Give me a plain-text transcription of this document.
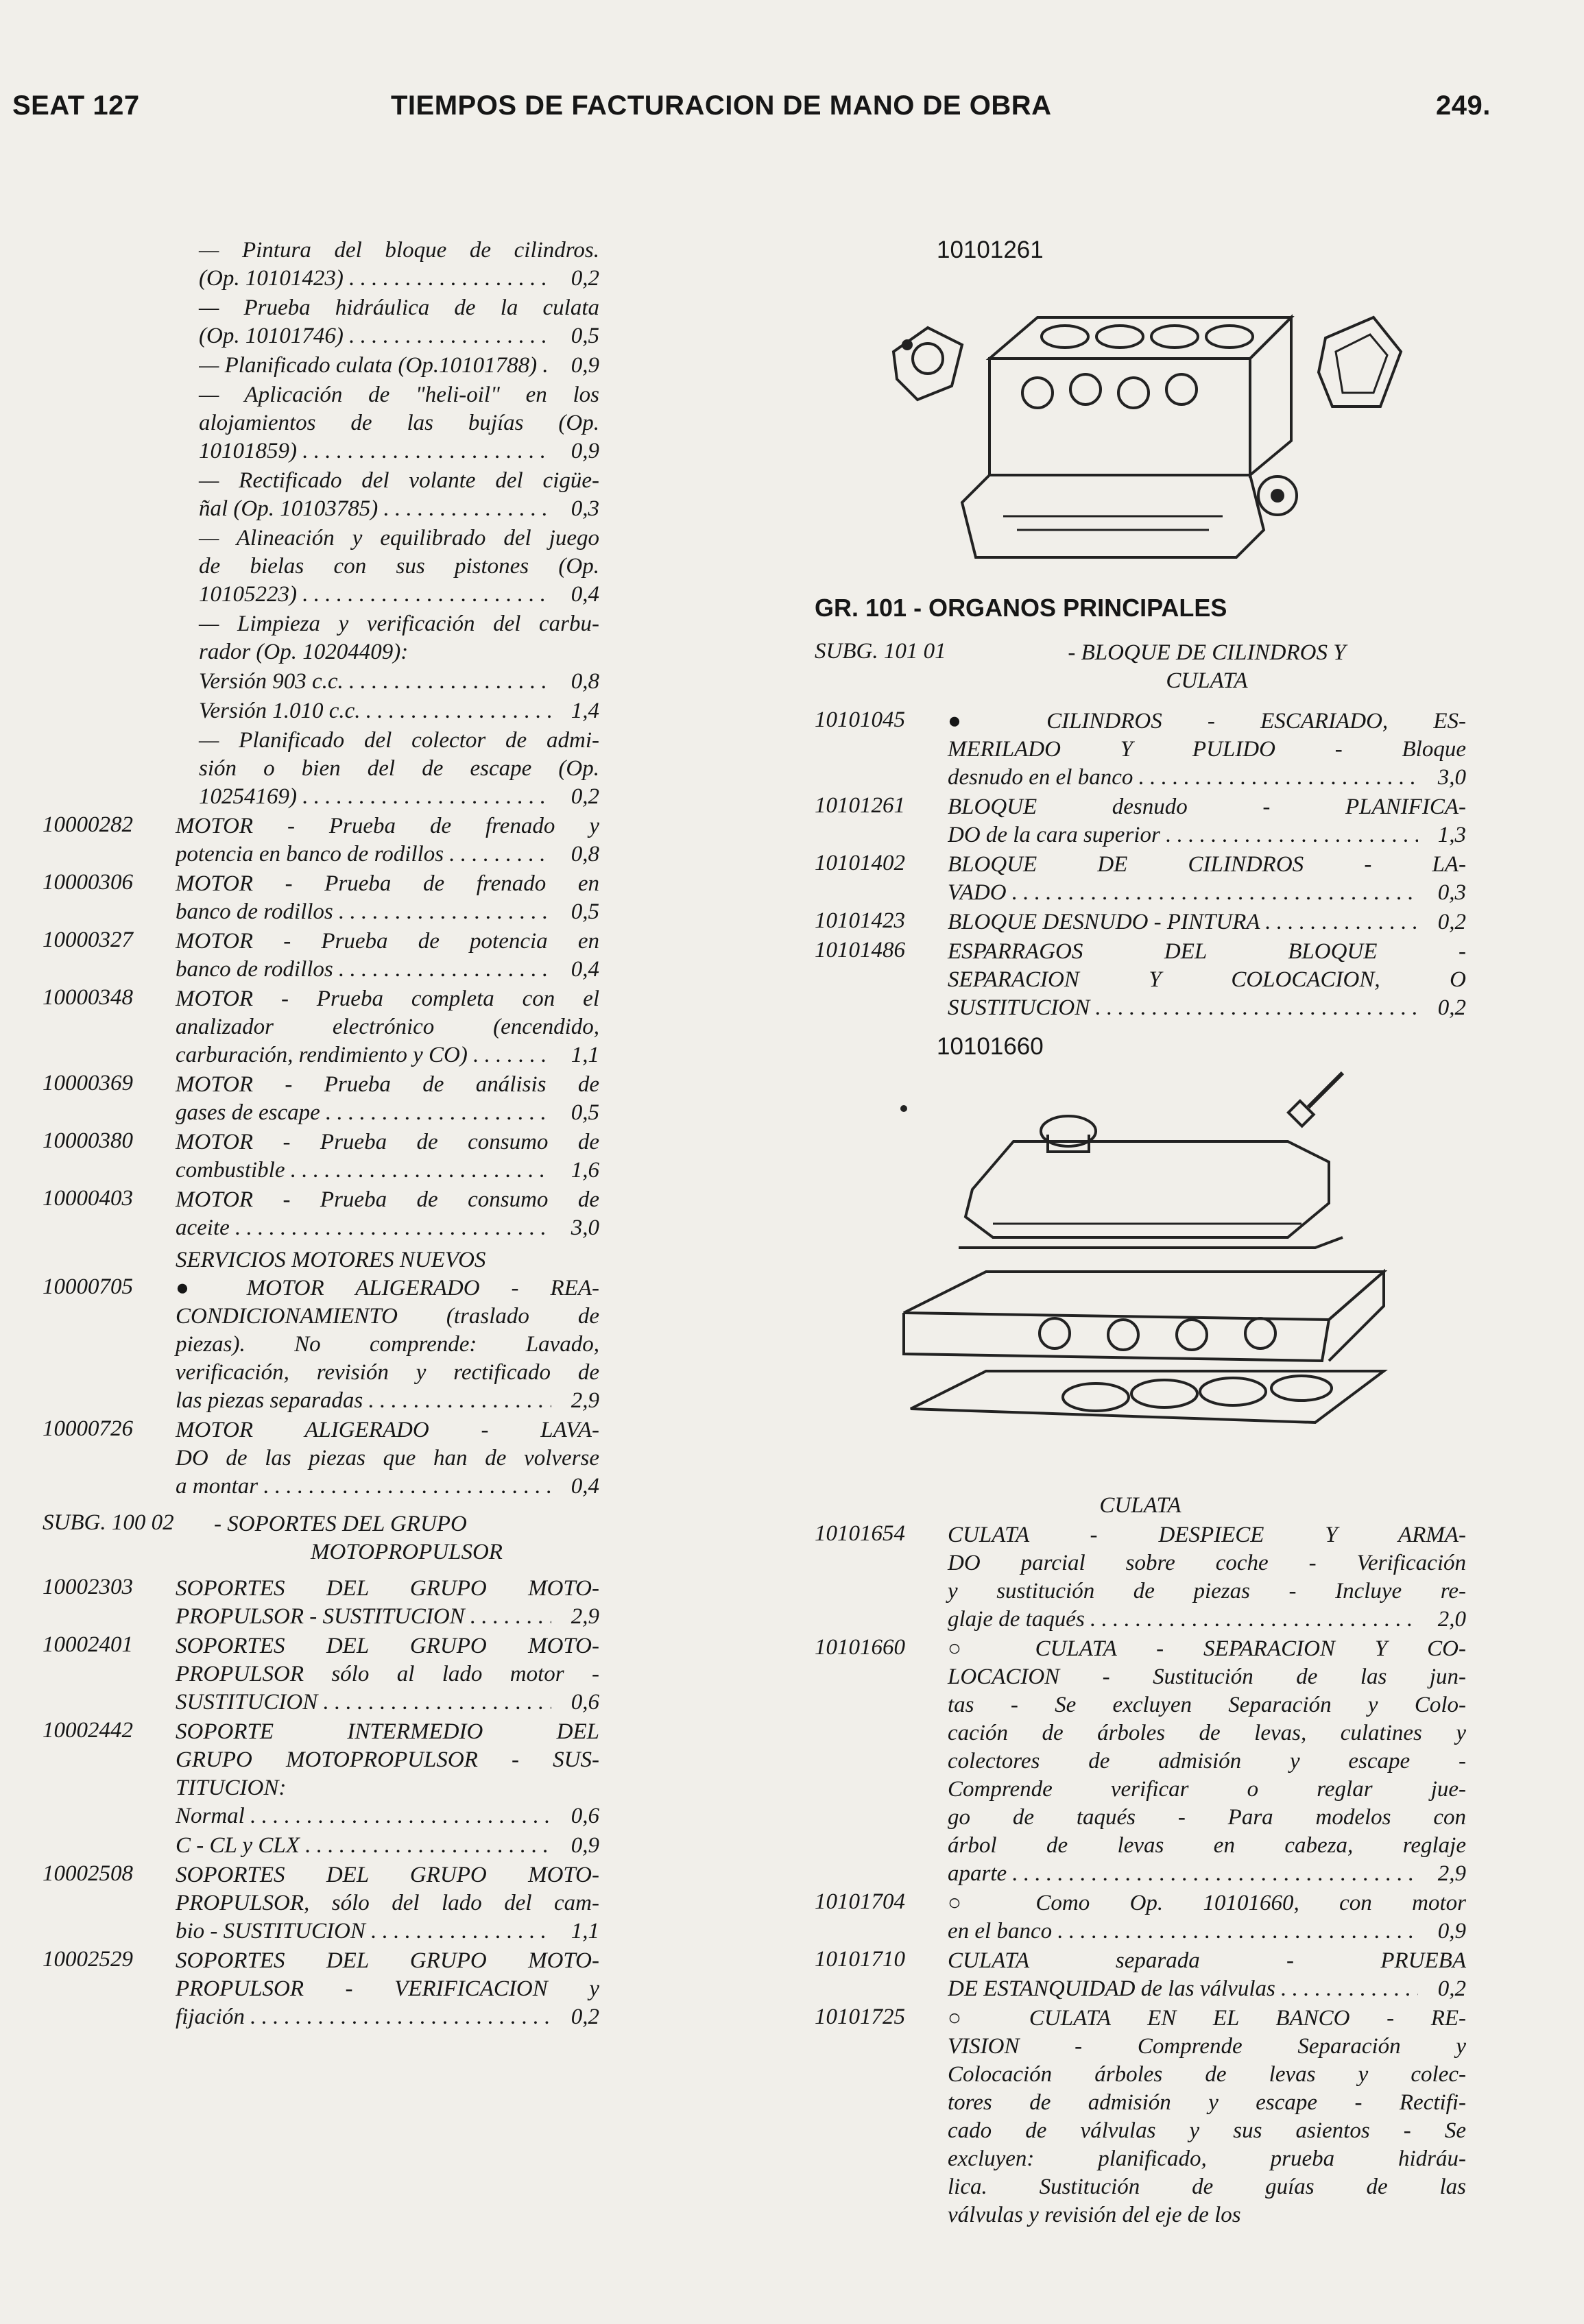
SEAT 127	TIEMPOS DE FACTURACION DE MANO DE OBRA	249.
— Pintura del bloque de cilindros.
(Op. 10101423) . . .	0,2
— Prueba hidráulica de la culata
(Op. 10101746) . . .	0,5
— Planificado culata (Op.10101788) . . .	0,9
— Aplicación de "heli-oil" en los
alojamientos de las bujías (Op.
10101859) . . .	0,9
— Rectificado del volante del cigüe-
ñal (Op. 10103785) . . .	0,3
— Alineación y equilibrado del juego
de bielas con sus pistones (Op.
10105223) . . .	0,4
— Limpieza y verificación del carbu-
rador (Op. 10204409):
Versión 903 c.c. . . .	0,8
Versión 1.010 c.c. . . .	1,4
— Planificado del colector de admi-
sión o bien del de escape (Op.
10254169) . . .	0,2
10000282	MOTOR - Prueba de frenado y
potencia en banco de rodillos . . .	0,8
10000306	MOTOR - Prueba de frenado en
banco de rodillos . . .	0,5
10000327	MOTOR - Prueba de potencia en
banco de rodillos . . .	0,4
10000348	MOTOR - Prueba completa con el
analizador electrónico (encendido,
carburación, rendimiento y CO) . . .	1,1
10000369	MOTOR - Prueba de análisis de
gases de escape . . .	0,5
10000380	MOTOR - Prueba de consumo de
combustible . . .	1,6
10000403	MOTOR - Prueba de consumo de
aceite . . .	3,0
SERVICIOS MOTORES NUEVOS
10000705	● MOTOR ALIGERADO - REA-
CONDICIONAMIENTO (traslado de
piezas). No comprende: Lavado,
verificación, revisión y rectificado de
las piezas separadas . . .	2,9
10000726	MOTOR ALIGERADO - LAVA-
DO de las piezas que han de volverse
a montar . . .	0,4
SUBG. 100 02	- SOPORTES DEL GRUPO
MOTOPROPULSOR
10002303	SOPORTES DEL GRUPO MOTO-
PROPULSOR - SUSTITUCION . . .	2,9
10002401	SOPORTES DEL GRUPO MOTO-
PROPULSOR sólo al lado motor -
SUSTITUCION . . .	0,6
10002442	SOPORTE INTERMEDIO DEL
GRUPO MOTOPROPULSOR - SUS-
TITUCION:
Normal . . .	0,6
C - CL y CLX . . .	0,9
10002508	SOPORTES DEL GRUPO MOTO-
PROPULSOR, sólo del lado del cam-
bio - SUSTITUCION . . .	1,1
10002529	SOPORTES DEL GRUPO MOTO-
PROPULSOR - VERIFICACION y
fijación . . .	0,2
10101261
GR. 101 - ORGANOS PRINCIPALES
SUBG. 101 01	- BLOQUE DE CILINDROS Y
CULATA
10101045	● CILINDROS - ESCARIADO, ES-
MERILADO Y PULIDO - Bloque
desnudo en el banco . . .	3,0
10101261	BLOQUE desnudo - PLANIFICA-
DO de la cara superior . . .	1,3
10101402	BLOQUE DE CILINDROS - LA-
VADO . . .	0,3
10101423	BLOQUE DESNUDO - PINTURA . . .	0,2
10101486	ESPARRAGOS DEL BLOQUE -
SEPARACION Y COLOCACION, O
SUSTITUCION . . .	0,2
10101660
CULATA
10101654	CULATA - DESPIECE Y ARMA-
DO parcial sobre coche - Verificación
y sustitución de piezas - Incluye re-
glaje de taqués . . .	2,0
10101660	○ CULATA - SEPARACION Y CO-
LOCACION - Sustitución de las jun-
tas - Se excluyen Separación y Colo-
cación de árboles de levas, culatines y
colectores de admisión y escape -
Comprende verificar o reglar jue-
go de taqués - Para modelos con
árbol de levas en cabeza, reglaje
aparte . . .	2,9
10101704	○ Como Op. 10101660, con motor
en el banco . . .	0,9
10101710	CULATA separada - PRUEBA
DE ESTANQUIDAD de las válvulas . . .	0,2
10101725	○ CULATA EN EL BANCO - RE-
VISION - Comprende Separación y
Colocación árboles de levas y colec-
tores de admisión y escape - Rectifi-
cado de válvulas y sus asientos - Se
excluyen: planificado, prueba hidráu-
lica. Sustitución de guías de las
válvulas y revisión del eje de los
